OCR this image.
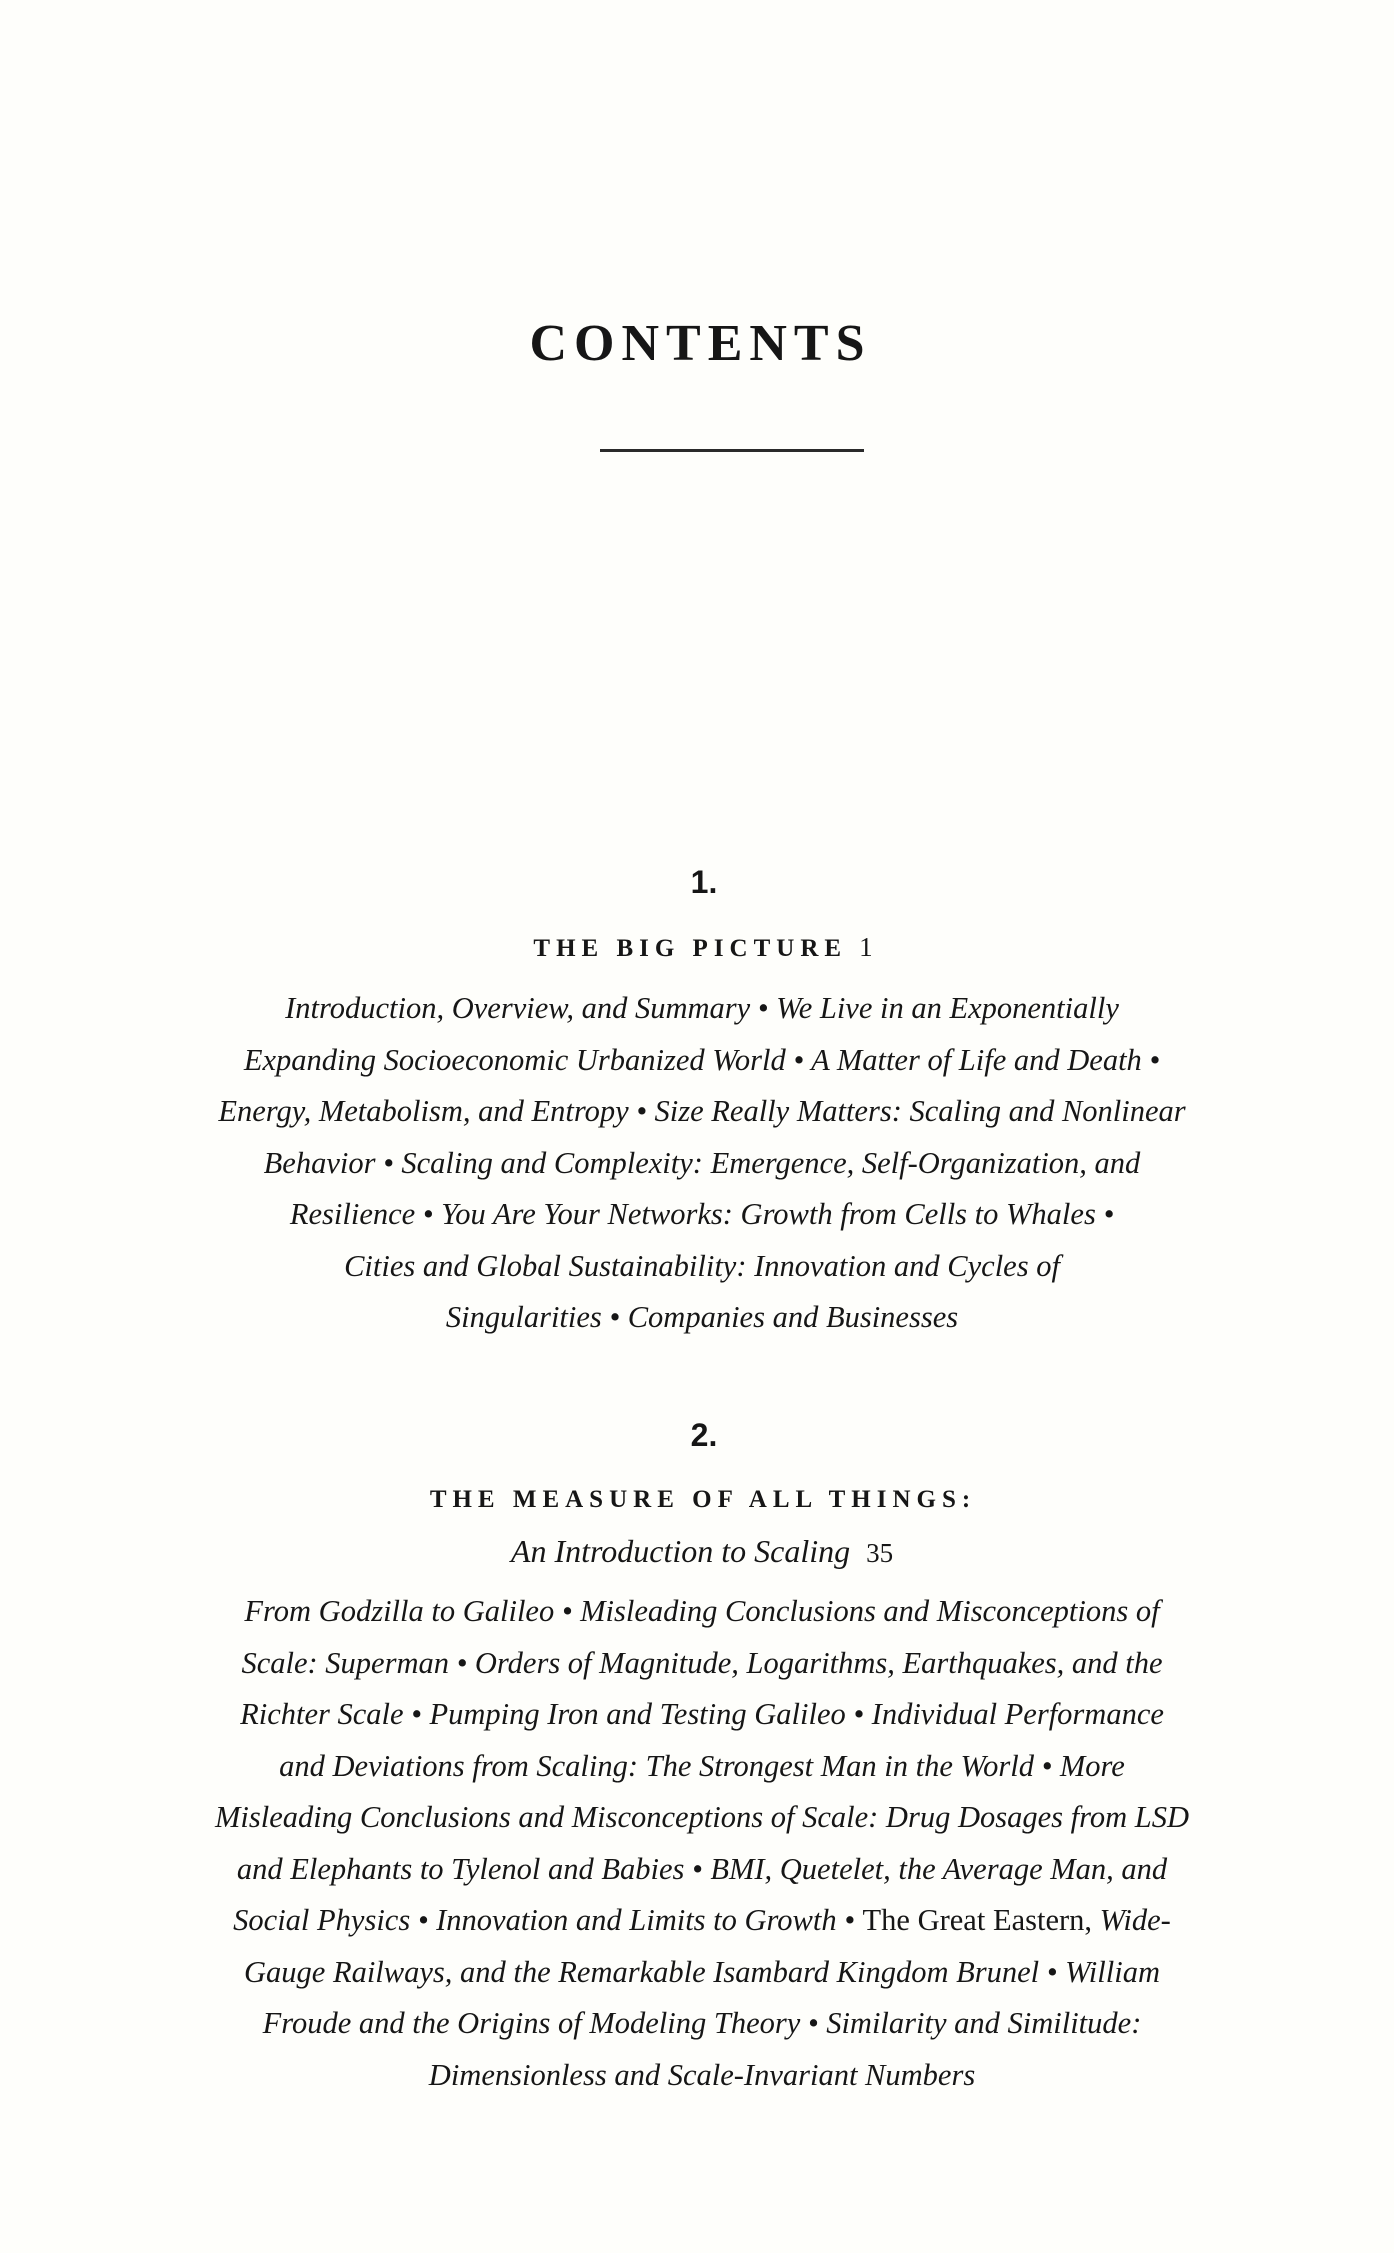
CONTENTS
1.
THE BIG PICTURE 1
Introduction, Overview, and Summary • We Live in an Exponentially
Expanding Socioeconomic Urbanized World • A Matter of Life and Death •
Energy, Metabolism, and Entropy • Size Really Matters: Scaling and Nonlinear
Behavior • Scaling and Complexity: Emergence, Self-Organization, and
Resilience • You Are Your Networks: Growth from Cells to Whales •
Cities and Global Sustainability: Innovation and Cycles of
Singularities • Companies and Businesses
2.
THE MEASURE OF ALL THINGS:
An Introduction to Scaling 35
From Godzilla to Galileo • Misleading Conclusions and Misconceptions of
Scale: Superman • Orders of Magnitude, Logarithms, Earthquakes, and the
Richter Scale • Pumping Iron and Testing Galileo • Individual Performance
and Deviations from Scaling: The Strongest Man in the World • More
Misleading Conclusions and Misconceptions of Scale: Drug Dosages from LSD
and Elephants to Tylenol and Babies • BMI, Quetelet, the Average Man, and
Social Physics • Innovation and Limits to Growth • The Great Eastern, Wide-
Gauge Railways, and the Remarkable Isambard Kingdom Brunel • William
Froude and the Origins of Modeling Theory • Similarity and Similitude:
Dimensionless and Scale-Invariant Numbers
